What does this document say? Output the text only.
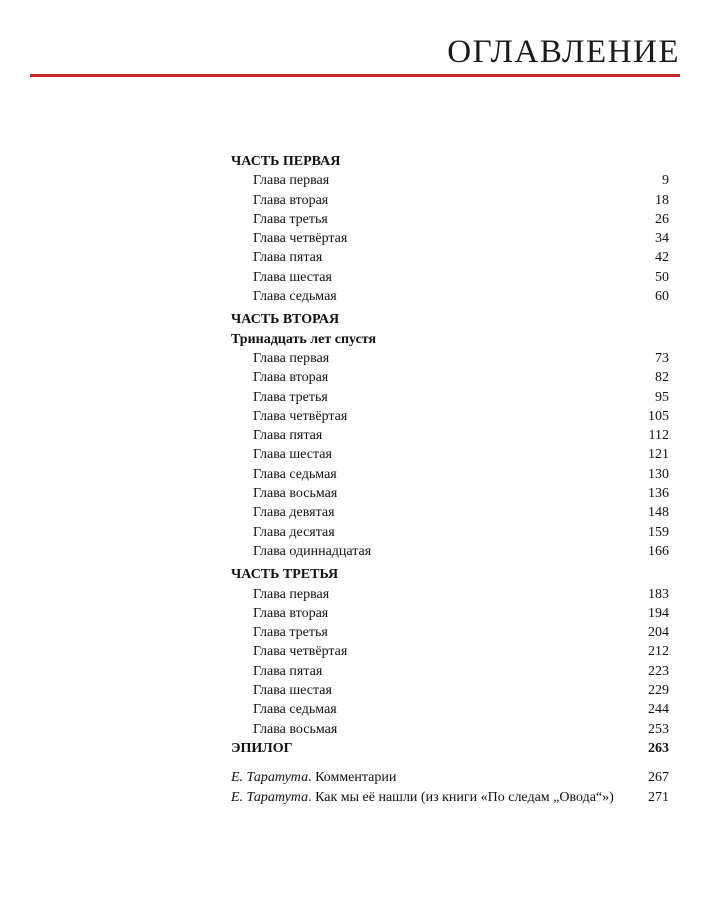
ОГЛАВЛЕНИЕ
ЧАСТЬ ПЕРВАЯ
Глава первая	9
Глава вторая	18
Глава третья	26
Глава четвёртая	34
Глава пятая	42
Глава шестая	50
Глава седьмая	60
ЧАСТЬ ВТОРАЯ
Тринадцать лет спустя
Глава первая	73
Глава вторая	82
Глава третья	95
Глава четвёртая	105
Глава пятая	112
Глава шестая	121
Глава седьмая	130
Глава восьмая	136
Глава девятая	148
Глава десятая	159
Глава одиннадцатая	166
ЧАСТЬ ТРЕТЬЯ
Глава первая	183
Глава вторая	194
Глава третья	204
Глава четвёртая	212
Глава пятая	223
Глава шестая	229
Глава седьмая	244
Глава восьмая	253
ЭПИЛОГ	263
Е. Таратута. Комментарии	267
Е. Таратута. Как мы её нашли (из книги «По следам „Овода“») 271
